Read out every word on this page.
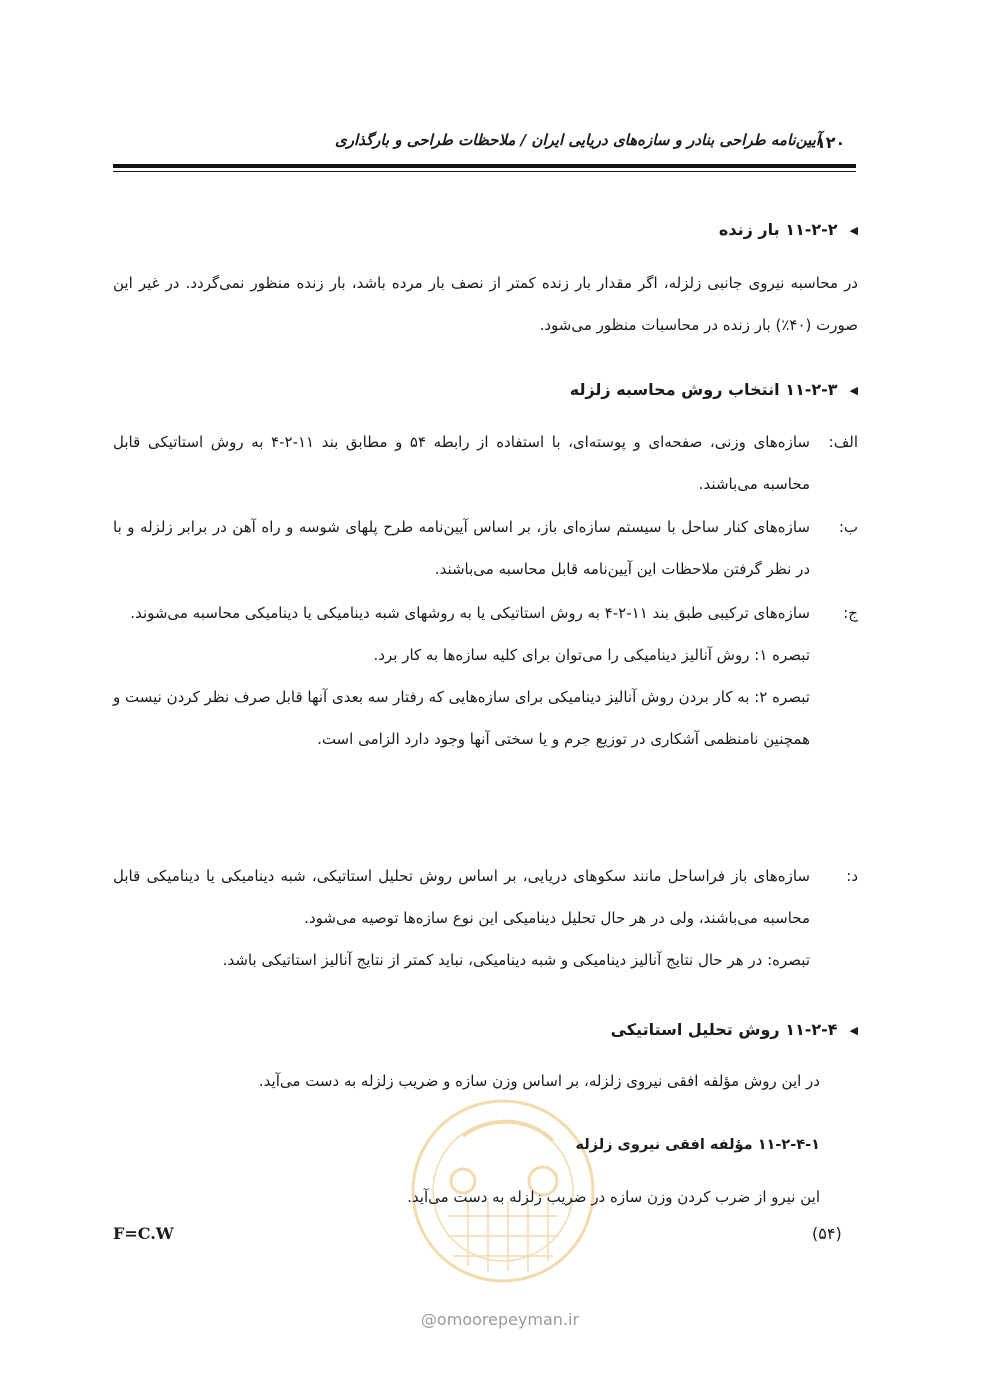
آیین‌نامه طراحی بنادر و سازه‌های دریایی ایران / ملاحظات طراحی و بارگذاری
۱۲۰
◀۱۱-۲-۲ بار زنده
در محاسبه نیروی جانبی زلزله، اگر مقدار بار زنده کمتر از نصف بار مرده باشد، بار زنده منظور نمی‌گردد. در غیر این صورت (۴۰٪) بار زنده در محاسبات منظور می‌شود.
◀۱۱-۲-۳ انتخاب روش محاسبه زلزله
الف:
سازه‌های وزنی، صفحه‌ای و پوسته‌ای، با استفاده از رابطه ۵۴ و مطابق بند ۱۱-۲-۴ به روش استاتیکی قابل محاسبه می‌باشند.
ب:
سازه‌های کنار ساحل با سیستم سازه‌ای باز، بر اساس آیین‌نامه طرح پلهای شوسه و راه آهن در برابر زلزله و با در نظر گرفتن ملاحظات این آیین‌نامه قابل محاسبه می‌باشند.
ج:
سازه‌های ترکیبی طبق بند ۱۱-۲-۴ به روش استاتیکی یا به روشهای شبه دینامیکی یا دینامیکی محاسبه می‌شوند.
تبصره ۱: روش آنالیز دینامیکی را می‌توان برای کلیه سازه‌ها به کار برد.
تبصره ۲: به کار بردن روش آنالیز دینامیکی برای سازه‌هایی که رفتار سه بعدی آنها قابل صرف نظر کردن نیست و همچنین نامنظمی آشکاری در توزیع جرم و یا سختی آنها وجود دارد الزامی است.
د:
سازه‌های باز فراساحل مانند سکوهای دریایی، بر اساس روش تحلیل استاتیکی، شبه دینامیکی یا دینامیکی قابل محاسبه می‌باشند، ولی در هر حال تحلیل دینامیکی این نوع سازه‌ها توصیه می‌شود.
تبصره: در هر حال نتایج آنالیز دینامیکی و شبه دینامیکی، نباید کمتر از نتایج آنالیز استاتیکی باشد.
◀۱۱-۲-۴ روش تحلیل استاتیکی
در این روش مؤلفه افقی نیروی زلزله، بر اساس وزن سازه و ضریب زلزله به دست می‌آید.
۱۱-۲-۴-۱ مؤلفه افقی نیروی زلزله
این نیرو از ضرب کردن وزن سازه در ضریب زلزله به دست می‌آید.
F=C.W	(۵۴)
@omoorepeyman.ir
